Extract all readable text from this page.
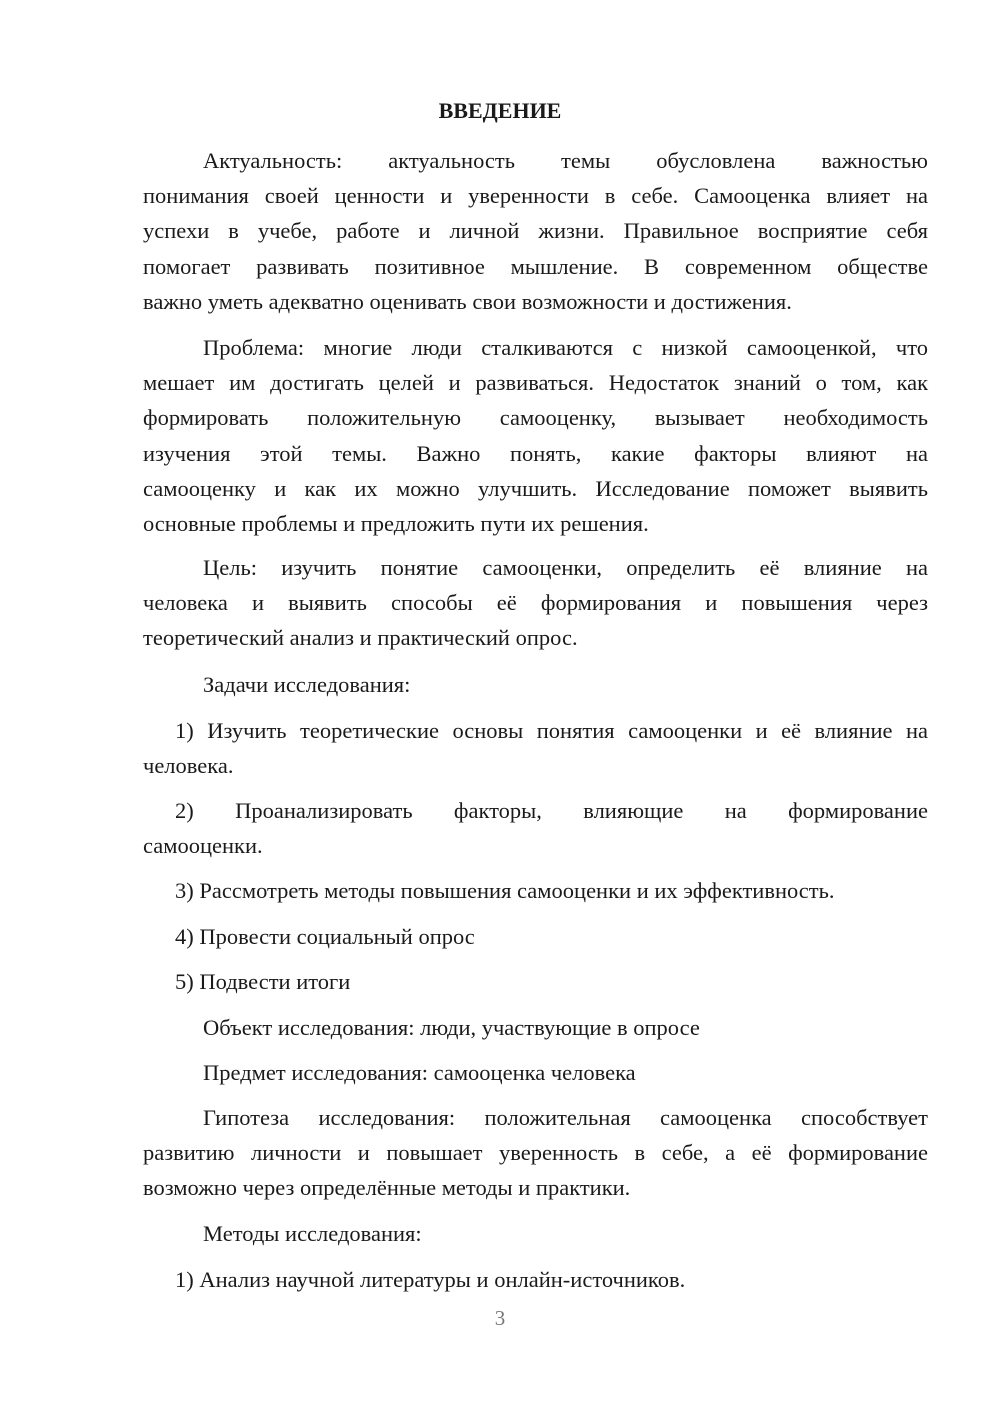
ВВЕДЕНИЕ
Актуальность: актуальность темы обусловлена важностью
понимания своей ценности и уверенности в себе. Самооценка влияет на
успехи в учебе, работе и личной жизни. Правильное восприятие себя
помогает развивать позитивное мышление. В современном обществе
важно уметь адекватно оценивать свои возможности и достижения.
Проблема: многие люди сталкиваются с низкой самооценкой, что
мешает им достигать целей и развиваться. Недостаток знаний о том, как
формировать положительную самооценку, вызывает необходимость
изучения этой темы. Важно понять, какие факторы влияют на
самооценку и как их можно улучшить. Исследование поможет выявить
основные проблемы и предложить пути их решения.
Цель: изучить понятие самооценки, определить её влияние на
человека и выявить способы её формирования и повышения через
теоретический анализ и практический опрос.
Задачи исследования:
1) Изучить теоретические основы понятия самооценки и её влияние на
человека.
2) Проанализировать факторы, влияющие на формирование
самооценки.
3) Рассмотреть методы повышения самооценки и их эффективность.
4) Провести социальный опрос
5) Подвести итоги
Объект исследования: люди, участвующие в опросе
Предмет исследования: самооценка человека
Гипотеза исследования: положительная самооценка способствует
развитию личности и повышает уверенность в себе, а её формирование
возможно через определённые методы и практики.
Методы исследования:
1) Анализ научной литературы и онлайн-источников.
3
